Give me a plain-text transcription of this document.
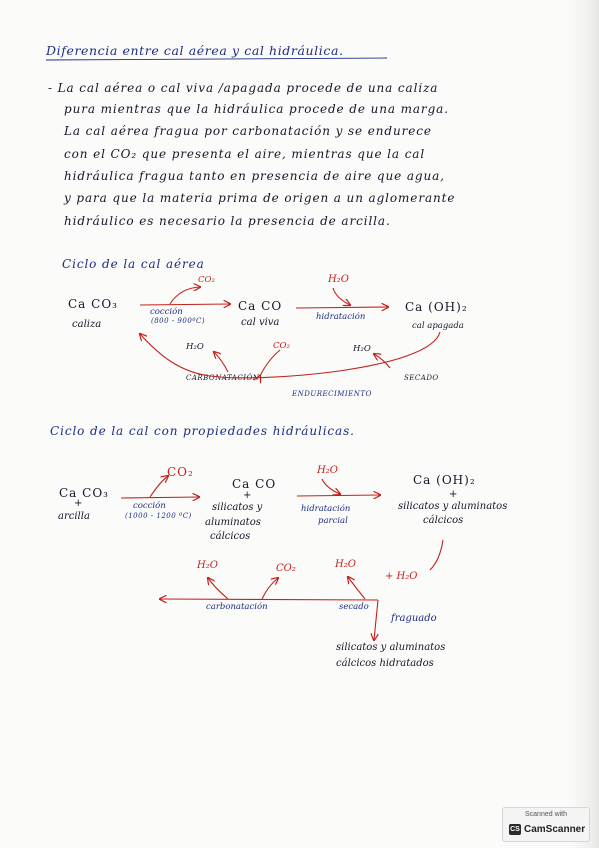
Diferencia entre cal aérea y cal hidráulica.
- La cal aérea o cal viva /apagada procede de una caliza
pura mientras que la hidráulica procede de una marga.
La cal aérea fragua por carbonatación y se endurece
con el CO₂ que presenta el aire, mientras que la cal
hidráulica fragua tanto en presencia de aire que agua,
y para que la materia prima de origen a un aglomerante
hidráulico es necesario la presencia de arcilla.
Ciclo de la cal aérea
Ca CO₃
caliza
CO₂
cocción
(800 - 900ºC)
Ca CO
cal viva
H₂O
hidratación
Ca (OH)₂
cal apagada
H₂O	CO₂	H₂O
CARBONATACIÓN	SECADO
ENDURECIMIENTO
Ciclo de la cal con propiedades hidráulicas.
Ca CO₃
+
arcilla
CO₂
cocción
(1000 - 1200 ºC)
Ca CO
+
silicatos y
aluminatos
cálcicos
H₂O
hidratación
parcial
Ca (OH)₂
+
silicatos y aluminatos
cálcicos
H₂O	CO₂	H₂O
+ H₂O
carbonatación	secado
fraguado
silicatos y aluminatos
cálcicos hidratados
Scanned with
CS CamScanner
